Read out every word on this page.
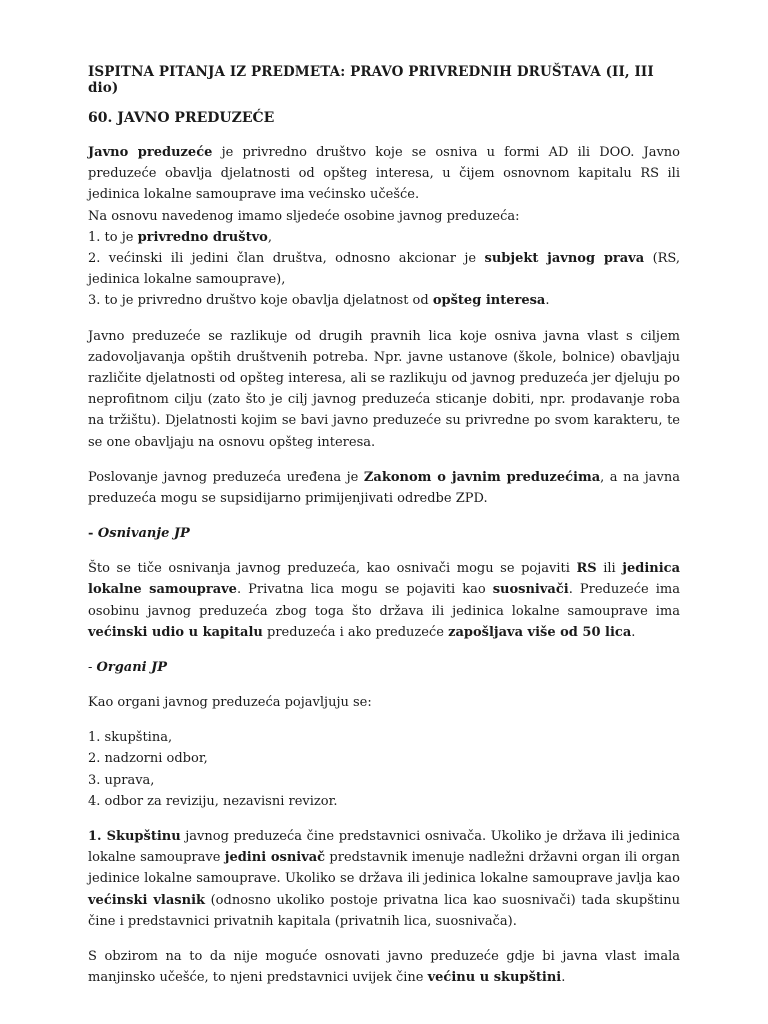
ISPITNA PITANJA IZ PREDMETA: PRAVO PRIVREDNIH DRUŠTAVA (II, III dio)
60. JAVNO PREDUZEĆE

Javno preduzeće je privredno društvo koje se osniva u formi AD ili DOO. Javno preduzeće obavlja djelatnosti od opšteg interesa, u čijem osnovnom kapitalu RS ili jedinica lokalne samouprave ima većinsko učešće.

Na osnovu navedenog imamo sljedeće osobine javnog preduzeća:

1. to je privredno društvo,

2. većinski ili jedini član društva, odnosno akcionar je subjekt javnog prava (RS, jedinica lokalne samouprave),

3. to je privredno društvo koje obavlja djelatnost od opšteg interesa.

Javno preduzeće se razlikuje od drugih pravnih lica koje osniva javna vlast s ciljem zadovoljavanja opštih društvenih potreba. Npr. javne ustanove (škole, bolnice) obavljaju različite djelatnosti od opšteg interesa, ali se razlikuju od javnog preduzeća jer djeluju po neprofitnom cilju (zato što je cilj javnog preduzeća sticanje dobiti, npr. prodavanje roba na tržištu). Djelatnosti kojim se bavi javno preduzeće su privredne po svom karakteru, te se one obavljaju na osnovu opšteg interesa.

Poslovanje javnog preduzeća uređena je Zakonom o javnim preduzećima, a na javna preduzeća mogu se supsidijarno primijenjivati odredbe ZPD.

- Osnivanje JP

Što se tiče osnivanja javnog preduzeća, kao osnivači mogu se pojaviti RS ili jedinica lokalne samouprave. Privatna lica mogu se pojaviti kao suosnivači. Preduzeće ima osobinu javnog preduzeća zbog toga što država ili jedinica lokalne samouprave ima većinski udio u kapitalu preduzeća i ako preduzeće zapošljava više od 50 lica.

- Organi JP

Kao organi javnog preduzeća pojavljuju se:

1. skupština,
2. nadzorni odbor,
3. uprava,
4. odbor za reviziju, nezavisni revizor.

1. Skupštinu javnog preduzeća čine predstavnici osnivača. Ukoliko je država ili jedinica lokalne samouprave jedini osnivač predstavnik imenuje nadležni državni organ ili organ jedinice lokalne samouprave. Ukoliko se država ili jedinica lokalne samouprave javlja kao većinski vlasnik (odnosno ukoliko postoje privatna lica kao suosnivači) tada skupštinu čine i predstavnici privatnih kapitala (privatnih lica, suosnivača).

S obzirom na to da nije moguće osnovati javno preduzeće gdje bi javna vlast imala manjinsko učešće, to njeni predstavnici uvijek čine većinu u skupštini.
